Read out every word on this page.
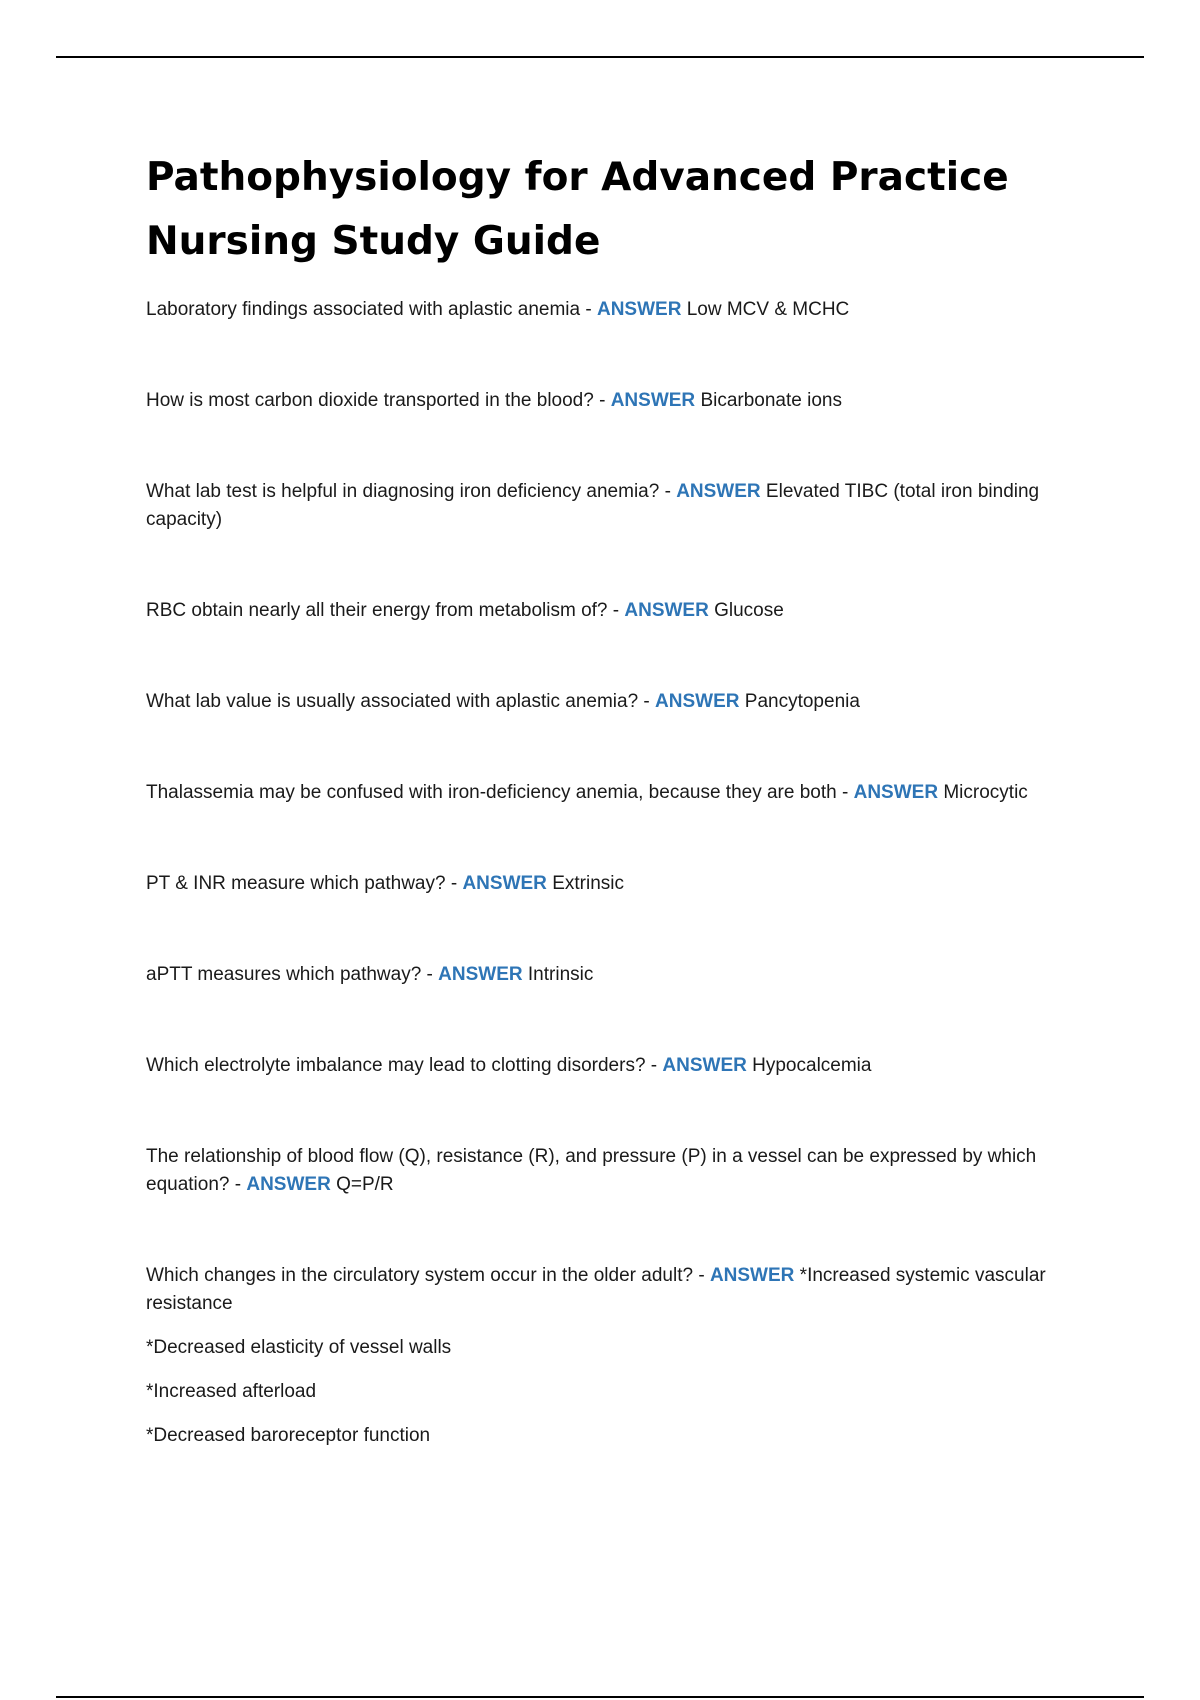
Pathophysiology for Advanced Practice Nursing Study Guide

Laboratory findings associated with aplastic anemia - ANSWER Low MCV & MCHC

How is most carbon dioxide transported in the blood? - ANSWER Bicarbonate ions

What lab test is helpful in diagnosing iron deficiency anemia? - ANSWER Elevated TIBC (total iron binding capacity)

RBC obtain nearly all their energy from metabolism of? - ANSWER Glucose

What lab value is usually associated with aplastic anemia? - ANSWER Pancytopenia

Thalassemia may be confused with iron-deficiency anemia, because they are both - ANSWER Microcytic

PT & INR measure which pathway? - ANSWER Extrinsic

aPTT measures which pathway? - ANSWER Intrinsic

Which electrolyte imbalance may lead to clotting disorders? - ANSWER Hypocalcemia

The relationship of blood flow (Q), resistance (R), and pressure (P) in a vessel can be expressed by which equation? - ANSWER Q=P/R

Which changes in the circulatory system occur in the older adult? - ANSWER *Increased systemic vascular resistance

*Decreased elasticity of vessel walls

*Increased afterload

*Decreased baroreceptor function
